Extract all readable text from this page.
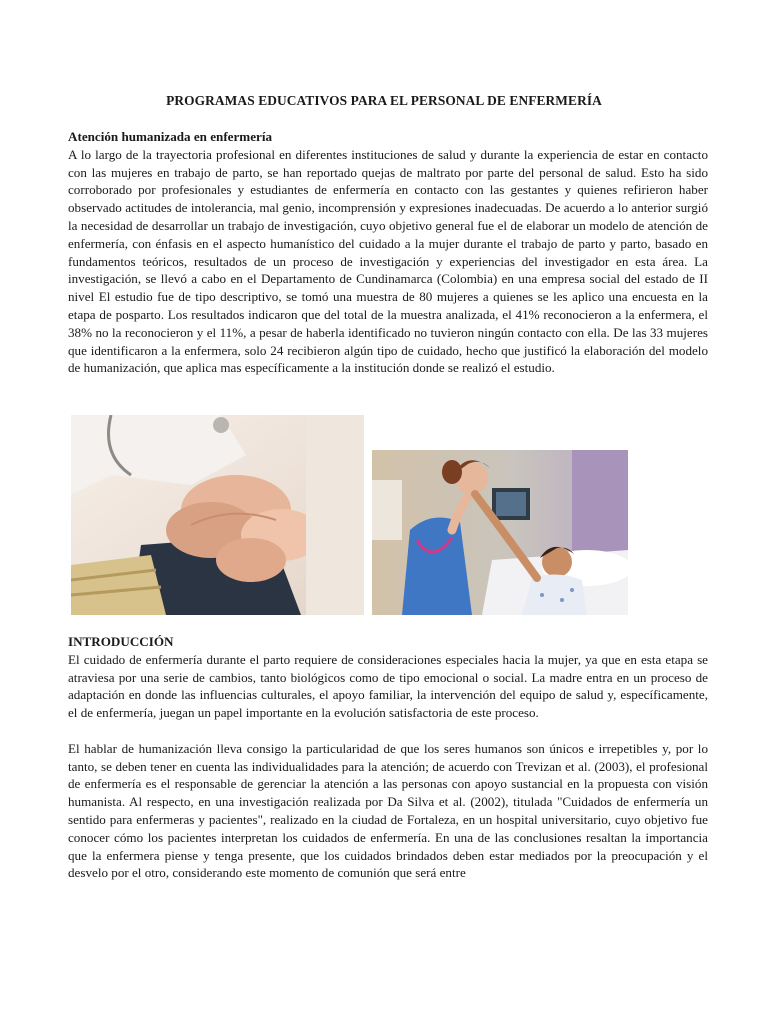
PROGRAMAS EDUCATIVOS PARA EL PERSONAL DE ENFERMERÍA
Atención humanizada en enfermería

A lo largo de la trayectoria profesional en diferentes instituciones de salud y durante la experiencia de estar en contacto con las mujeres en trabajo de parto, se han reportado quejas de maltrato por parte del personal de salud. Esto ha sido corroborado por profesionales y estudiantes de enfermería en contacto con las gestantes y quienes refirieron haber observado actitudes de intolerancia, mal genio, incomprensión y expresiones inadecuadas. De acuerdo a lo anterior surgió la necesidad de desarrollar un trabajo de investigación, cuyo objetivo general fue el de elaborar un modelo de atención de enfermería, con énfasis en el aspecto humanístico del cuidado a la mujer durante el trabajo de parto y parto, basado en fundamentos teóricos, resultados de un proceso de investigación y experiencias del investigador en esta área. La investigación, se llevó a cabo en el Departamento de Cundinamarca (Colombia) en una empresa social del estado de II nivel El estudio fue de tipo descriptivo, se tomó una muestra de 80 mujeres a quienes se les aplico una encuesta en la etapa de posparto. Los resultados indicaron que del total de la muestra analizada, el 41% reconocieron a la enfermera, el 38% no la reconocieron y el 11%, a pesar de haberla identificado no tuvieron ningún contacto con ella. De las 33 mujeres que identificaron a la enfermera, solo 24 recibieron algún tipo de cuidado, hecho que justificó la elaboración del modelo de humanización, que aplica mas específicamente a la institución donde se realizó el estudio.

INTRODUCCIÓN

El cuidado de enfermería durante el parto requiere de consideraciones especiales hacia la mujer, ya que en esta etapa se atraviesa por una serie de cambios, tanto biológicos como de tipo emocional o social. La madre entra en un proceso de adaptación en donde las influencias culturales, el apoyo familiar, la intervención del equipo de salud y, específicamente, el de enfermería, juegan un papel importante en la evolución satisfactoria de este proceso.

El hablar de humanización lleva consigo la particularidad de que los seres humanos son únicos e irrepetibles y, por lo tanto, se deben tener en cuenta las individualidades para la atención; de acuerdo con Trevizan et al. (2003), el profesional de enfermería es el responsable de gerenciar la atención a las personas con apoyo sustancial en la propuesta con visión humanista. Al respecto, en una investigación realizada por Da Silva et al. (2002), titulada "Cuidados de enfermería un sentido para enfermeras y pacientes", realizado en la ciudad de Fortaleza, en un hospital universitario, cuyo objetivo fue conocer cómo los pacientes interpretan los cuidados de enfermería. En una de las conclusiones resaltan la importancia que la enfermera piense y tenga presente, que los cuidados brindados deben estar mediados por la preocupación y el desvelo por el otro, considerando este momento de comunión que será entre
